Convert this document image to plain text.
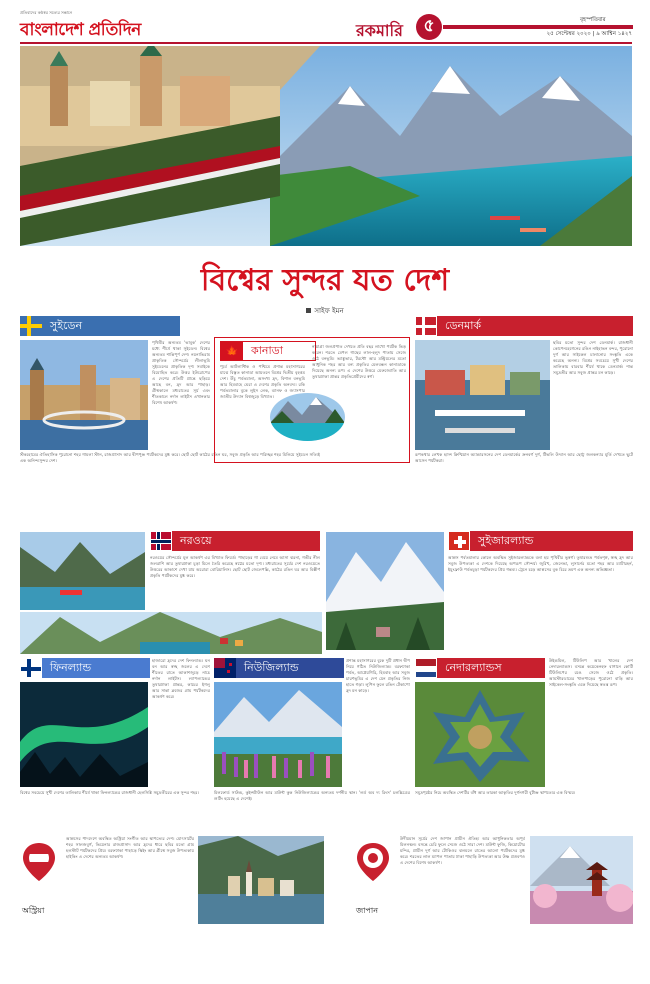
প্রতিবাদের কণ্ঠস্বর সত্যের সন্ধানে
বাংলাদেশ প্রতিদিন	রকমারি	৫	বৃহস্পতিবার
২৫ সেপ্টেম্বর ২০২০ | ৯ আশ্বিন ১৪২৭
বিশ্বের সুন্দর যত দেশ
সাইফ ইমন
সুইডেন
পৃথিবীর অন্যতম 'ভাবুক' দেশের মধ্যে শীর্ষে থাকা সুইডেন। বিশ্বের অন্যতম শান্তিপূর্ণ দেশ। নয়নাভিরাম প্রাকৃতিক সৌন্দর্যের লীলাভূমি সুইডেনের প্রাকৃতিক দৃশ্য সবাইকে বিমোহিত করে। উত্তর ইউরোপের এ দেশের প্রতিটি প্রান্তে ছড়িয়ে আছে বন, হ্রদ আর পাহাড়। গ্রীষ্মকালে মধ্যরাতের সূর্য এবং শীতকালে নর্দান লাইটস এখানকার বিশেষ আকর্ষণ।
স্টকহোমের ঐতিহাসিক পুরোনো শহর গামলা স্টান, রাজপ্রাসাদ আর দ্বীপপুঞ্জ পর্যটকদের মুগ্ধ করে। ছোট ছোট কাঠের রঙিন ঘর, সবুজ প্রকৃতি আর পরিচ্ছন্ন শহর মিলিয়ে সুইডেন সত্যিই এক অনিন্দ্যসুন্দর দেশ।
🍁	কানাডা
পূর্বে আটলান্টিক ও পশ্চিমে প্রশান্ত মহাসাগরের মাঝে বিস্তৃত কানাডা আয়তনে বিশ্বের দ্বিতীয় বৃহত্তম দেশ। উঁচু পর্বতমালা, অসংখ্য হ্রদ, বিশাল বনভূমি আর হিমবাহে ঘেরা এ দেশের প্রকৃতি অনবদ্য। রকি পর্বতমালার বুকে লুইস লেক, ব্যানফ ও জ্যাসপার জাতীয় উদ্যান বিশ্বজুড়ে বিখ্যাত।
নায়াগ্রা জলপ্রপাত দেখতে প্রতি বছর লাখো পর্যটক ভিড় করেন। শরতে মেপল গাছের লাল-হলুদ পাতায় সেজে ওঠে বনভূমি। ভ্যাঙ্কুভার, টরন্টো আর মন্ট্রিয়লের মতো আধুনিক শহর আর বন্য প্রকৃতির মেলবন্ধন কানাডাকে দিয়েছে অনন্য রূপ। এ দেশের উত্তরে মেরুজ্যোতি আর তুষারঢাকা প্রান্তর প্রকৃতিপ্রেমীদের স্বর্গ।
ডেনমার্ক
ছবির মতো সুন্দর দেশ ডেনমার্ক। রাজধানী কোপেনহেগেনের রঙিন নাইহাভন বন্দর, পুরোনো দুর্গ আর সাইকেল চালানোর সংস্কৃতি একে করেছে অনন্য। বিশ্বের সবচেয়ে সুখী দেশের তালিকায় বারবার শীর্ষে থাকে ডেনমার্ক। শান্ত সমুদ্রতীর আর সবুজ প্রান্তর মন কাড়ে।
রূপকথার লেখক হ্যান্স ক্রিশ্চিয়ান অ্যান্ডারসনের দেশ ডেনমার্কের ক্রনবর্গ দুর্গ, টিভলি উদ্যান আর ছোট্ট জলকন্যার মূর্তি দেখতে ছুটে আসেন পর্যটকরা।
নরওয়ে
নরওয়ের সৌন্দর্যের মূল আকর্ষণ এর বিখ্যাত ফিয়র্ড। পাহাড়ের গা বেয়ে নেমে আসা ঝরনা, গভীর নীল জলরাশি আর তুষারঢাকা চূড়া মিলে তৈরি করেছে স্বপ্নের মতো দৃশ্য। মধ্যরাতের সূর্যের দেশ নরওয়েতে উত্তরের আকাশে দেখা যায় অরোরা বোরিয়ালিস। ছোট ছোট জেলেপল্লি, কাঠের রঙিন ঘর আর বিস্তীর্ণ প্রকৃতি পর্যটকদের মুগ্ধ করে।
সুইজারল্যান্ড
আল্পস পর্বতমালার কোলে অবস্থিত সুইজারল্যান্ডকে বলা হয় পৃথিবীর ভূস্বর্গ। তুষারশুভ্র পর্বতশৃঙ্গ, স্বচ্ছ হ্রদ আর সবুজ উপত্যকা এ দেশকে দিয়েছে অপরূপ সৌন্দর্য। জুরিখ, জেনেভা, লুসার্নের মতো শহর আর ম্যাটারহর্ন, ইয়ুংফ্রাউ পর্বতচূড়া পর্যটকদের প্রিয় গন্তব্য। ট্রেনে চড়ে আল্পসের বুক চিরে ভ্রমণ এক অনন্য অভিজ্ঞতা।
ফিনল্যান্ড	হাজারো হ্রদের দেশ ফিনল্যান্ড। ঘন বন আর স্বচ্ছ জলের এ দেশে শীতের রাতে আকাশজুড়ে নাচে নর্দান লাইটস। ল্যাপল্যান্ডের তুষারঢাকা প্রান্তর, কাচের ইগলু আর সান্তা ক্লজের গ্রাম পর্যটকদের আকর্ষণ করে।
বিশ্বের সবচেয়ে সুখী দেশের তালিকায় শীর্ষে থাকা ফিনল্যান্ডের রাজধানী হেলসিঙ্কি সমুদ্রতীরের এক সুন্দর শহর।
নিউজিল্যান্ড	প্রশান্ত মহাসাগরের বুকে দুটি প্রধান দ্বীপ নিয়ে গঠিত নিউজিল্যান্ড। বরফঢাকা পর্বত, আগ্নেয়গিরি, হিমবাহ আর সবুজ চারণভূমির এ দেশ যেন প্রকৃতির নিজ হাতে গড়া। লুপিন ফুলে রঙিন টেকাপো হ্রদ মন কাড়ে।
মিলফোর্ড সাউন্ড, কুইন্সটাউন আর মাউন্ট কুক নিউজিল্যান্ডের অন্যতম দর্শনীয় স্থান। 'লর্ড অব দ্য রিংস' চলচ্চিত্রের শুটিং হয়েছে এ দেশেই।
নেদারল্যান্ডস	উইন্ডমিল, টিউলিপ আর খালের দেশ নেদারল্যান্ডস। বসন্তে কয়েকেনহফ বাগানে কোটি টিউলিপের রঙে সেজে ওঠে প্রকৃতি। আমস্টারডামের খালপাড়ের পুরোনো বাড়ি আর সাইকেল-সংস্কৃতি একে দিয়েছে স্বতন্ত্র রূপ।
সমুদ্রপৃষ্ঠের নিচে অবস্থিত দেশটির বাঁধ আর তারকা আকৃতির দুর্গনগরী বুর্টাঞ্জ স্থাপত্যের এক বিস্ময়।
অস্ট্রিয়া
আল্পসের পাদদেশে অবস্থিত অস্ট্রিয়া সংগীত আর স্থাপত্যের দেশ। মোৎসার্টের শহর সালজবুর্গ, ভিয়েনার রাজপ্রাসাদ আর হ্রদের ধারে ছবির মতো গ্রাম হলস্টাট পর্যটকদের প্রিয়। বরফঢাকা পাহাড়ে স্কিইং আর গ্রীষ্মে সবুজ উপত্যকায় হাইকিং এ দেশের অন্যতম আকর্ষণ।
জাপান
উদীয়মান সূর্যের দেশ জাপান প্রাচীন ঐতিহ্য আর আধুনিকতার অপূর্ব মিলনস্থল। বসন্তে চেরি ফুলে সেজে ওঠে সারা দেশ। মাউন্ট ফুজি, কিয়োটোর মন্দির, প্রাচীন দুর্গ আর টোকিওর ঝলমলে রাতের আলো পর্যটকদের মুগ্ধ করে। শরতের লাল ম্যাপল পাতায় ঢাকা পাহাড়ি উপত্যকা আর উষ্ণ প্রস্রবণও এ দেশের বিশেষ আকর্ষণ।
